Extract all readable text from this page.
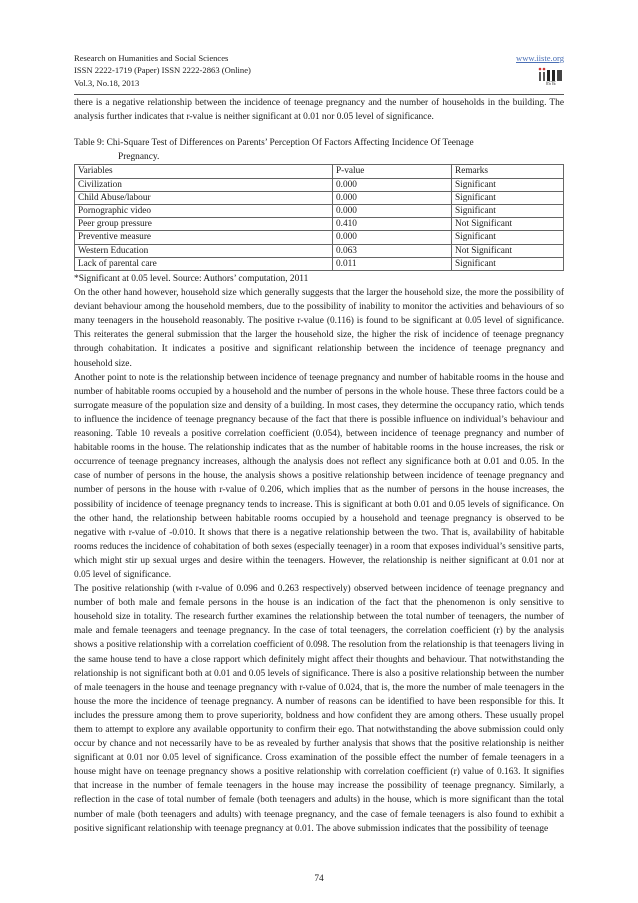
Research on Humanities and Social Sciences	www.iiste.org
ISSN 2222-1719 (Paper) ISSN 2222-2863 (Online)
Vol.3, No.18, 2013	IISTE

there is a negative relationship between the incidence of teenage pregnancy and the number of households in the building. The analysis further indicates that r-value is neither significant at 0.01 nor 0.05 level of significance.

Table 9: Chi-Square Test of Differences on Parents’ Perception Of Factors Affecting Incidence Of Teenage
Pregnancy.

Variables	P-value	Remarks
Civilization	0.000	Significant
Child Abuse/labour	0.000	Significant
Pornographic video	0.000	Significant
Peer group pressure	0.410	Not Significant
Preventive measure	0.000	Significant
Western Education	0.063	Not Significant
Lack of parental care	0.011	Significant

*Significant at 0.05 level. Source: Authors’ computation, 2011

On the other hand however, household size which generally suggests that the larger the household size, the more the possibility of deviant behaviour among the household members, due to the possibility of inability to monitor the activities and behaviours of so many teenagers in the household reasonably. The positive r-value (0.116) is found to be significant at 0.05 level of significance. This reiterates the general submission that the larger the household size, the higher the risk of incidence of teenage pregnancy through cohabitation. It indicates a positive and significant relationship between the incidence of teenage pregnancy and household size.

Another point to note is the relationship between incidence of teenage pregnancy and number of habitable rooms in the house and number of habitable rooms occupied by a household and the number of persons in the whole house. These three factors could be a surrogate measure of the population size and density of a building. In most cases, they determine the occupancy ratio, which tends to influence the incidence of teenage pregnancy because of the fact that there is possible influence on individual’s behaviour and reasoning. Table 10 reveals a positive correlation coefficient (0.054), between incidence of teenage pregnancy and number of habitable rooms in the house. The relationship indicates that as the number of habitable rooms in the house increases, the risk or occurrence of teenage pregnancy increases, although the analysis does not reflect any significance both at 0.01 and 0.05. In the case of number of persons in the house, the analysis shows a positive relationship between incidence of teenage pregnancy and number of persons in the house with r-value of 0.206, which implies that as the number of persons in the house increases, the possibility of incidence of teenage pregnancy tends to increase. This is significant at both 0.01 and 0.05 levels of significance. On the other hand, the relationship between habitable rooms occupied by a household and teenage pregnancy is observed to be negative with r-value of -0.010. It shows that there is a negative relationship between the two. That is, availability of habitable rooms reduces the incidence of cohabitation of both sexes (especially teenager) in a room that exposes individual’s sensitive parts, which might stir up sexual urges and desire within the teenagers. However, the relationship is neither significant at 0.01 nor at 0.05 level of significance.

The positive relationship (with r-value of 0.096 and 0.263 respectively) observed between incidence of teenage pregnancy and number of both male and female persons in the house is an indication of the fact that the phenomenon is only sensitive to household size in totality. The research further examines the relationship between the total number of teenagers, the number of male and female teenagers and teenage pregnancy. In the case of total teenagers, the correlation coefficient (r) by the analysis shows a positive relationship with a correlation coefficient of 0.098. The resolution from the relationship is that teenagers living in the same house tend to have a close rapport which definitely might affect their thoughts and behaviour. That notwithstanding the relationship is not significant both at 0.01 and 0.05 levels of significance. There is also a positive relationship between the number of male teenagers in the house and teenage pregnancy with r-value of 0.024, that is, the more the number of male teenagers in the house the more the incidence of teenage pregnancy. A number of reasons can be identified to have been responsible for this. It includes the pressure among them to prove superiority, boldness and how confident they are among others. These usually propel them to attempt to explore any available opportunity to confirm their ego. That notwithstanding the above submission could only occur by chance and not necessarily have to be as revealed by further analysis that shows that the positive relationship is neither significant at 0.01 nor 0.05 level of significance. Cross examination of the possible effect the number of female teenagers in a house might have on teenage pregnancy shows a positive relationship with correlation coefficient (r) value of 0.163. It signifies that increase in the number of female teenagers in the house may increase the possibility of teenage pregnancy. Similarly, a reflection in the case of total number of female (both teenagers and adults) in the house, which is more significant than the total number of male (both teenagers and adults) with teenage pregnancy, and the case of female teenagers is also found to exhibit a positive significant relationship with teenage pregnancy at 0.01. The above submission indicates that the possibility of teenage

74
